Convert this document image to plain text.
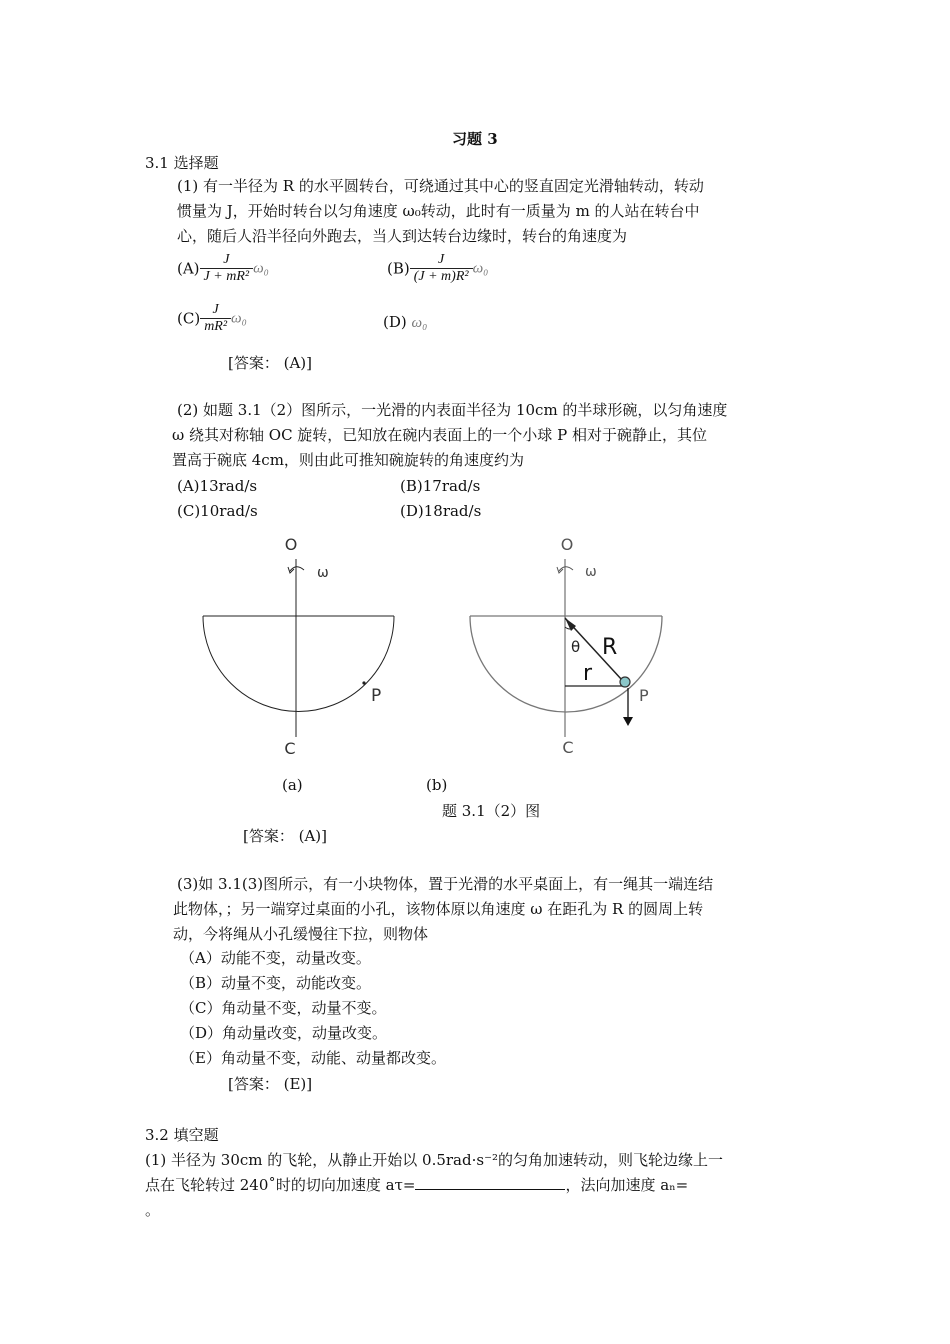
习题 3
3.1 选择题
(1) 有一半径为 R 的水平圆转台，可绕通过其中心的竖直固定光滑轴转动，转动
惯量为 J，开始时转台以匀角速度 ω₀转动，此时有一质量为 m 的人站在转台中
心，随后人沿半径向外跑去，当人到达转台边缘时，转台的角速度为
$(A) \frac{J}{\text{J + mR²}} \omega_0$	$(B) \frac{J}{\text{(J + m)R²}} \omega_0$
$(C) \frac{J}{\text{mR²}} \omega_0$	(D) ω₀
[答案： (A)]
(2) 如题 3.1（2）图所示，一光滑的内表面半径为 10cm 的半球形碗，以匀角速度
ω 绕其对称轴 OC 旋转，已知放在碗内表面上的一个小球 P 相对于碗静止，其位
置高于碗底 4cm，则由此可推知碗旋转的角速度约为
(A)13rad/s	(B)17rad/s
(C)10rad/s	(D)18rad/s
O
ω
P
C
O
ω
θ R
r
P
C
(a)	(b)
题 3.1（2）图
[答案： (A)]
(3)如 3.1(3)图所示，有一小块物体，置于光滑的水平桌面上，有一绳其一端连结
此物体，；另一端穿过桌面的小孔，该物体原以角速度 ω 在距孔为 R 的圆周上转
动，今将绳从小孔缓慢往下拉，则物体
（A）动能不变，动量改变。
（B）动量不变，动能改变。
（C）角动量不变，动量不变。
（D）角动量改变，动量改变。
（E）角动量不变，动能、动量都改变。
[答案： (E)]
3.2 填空题
(1) 半径为 30cm 的飞轮，从静止开始以 0.5rad·s⁻²的匀角加速转动，则飞轮边缘上一
点在飞轮转过 240˚时的切向加速度 aτ=	，法向加速度 aₙ=
。
